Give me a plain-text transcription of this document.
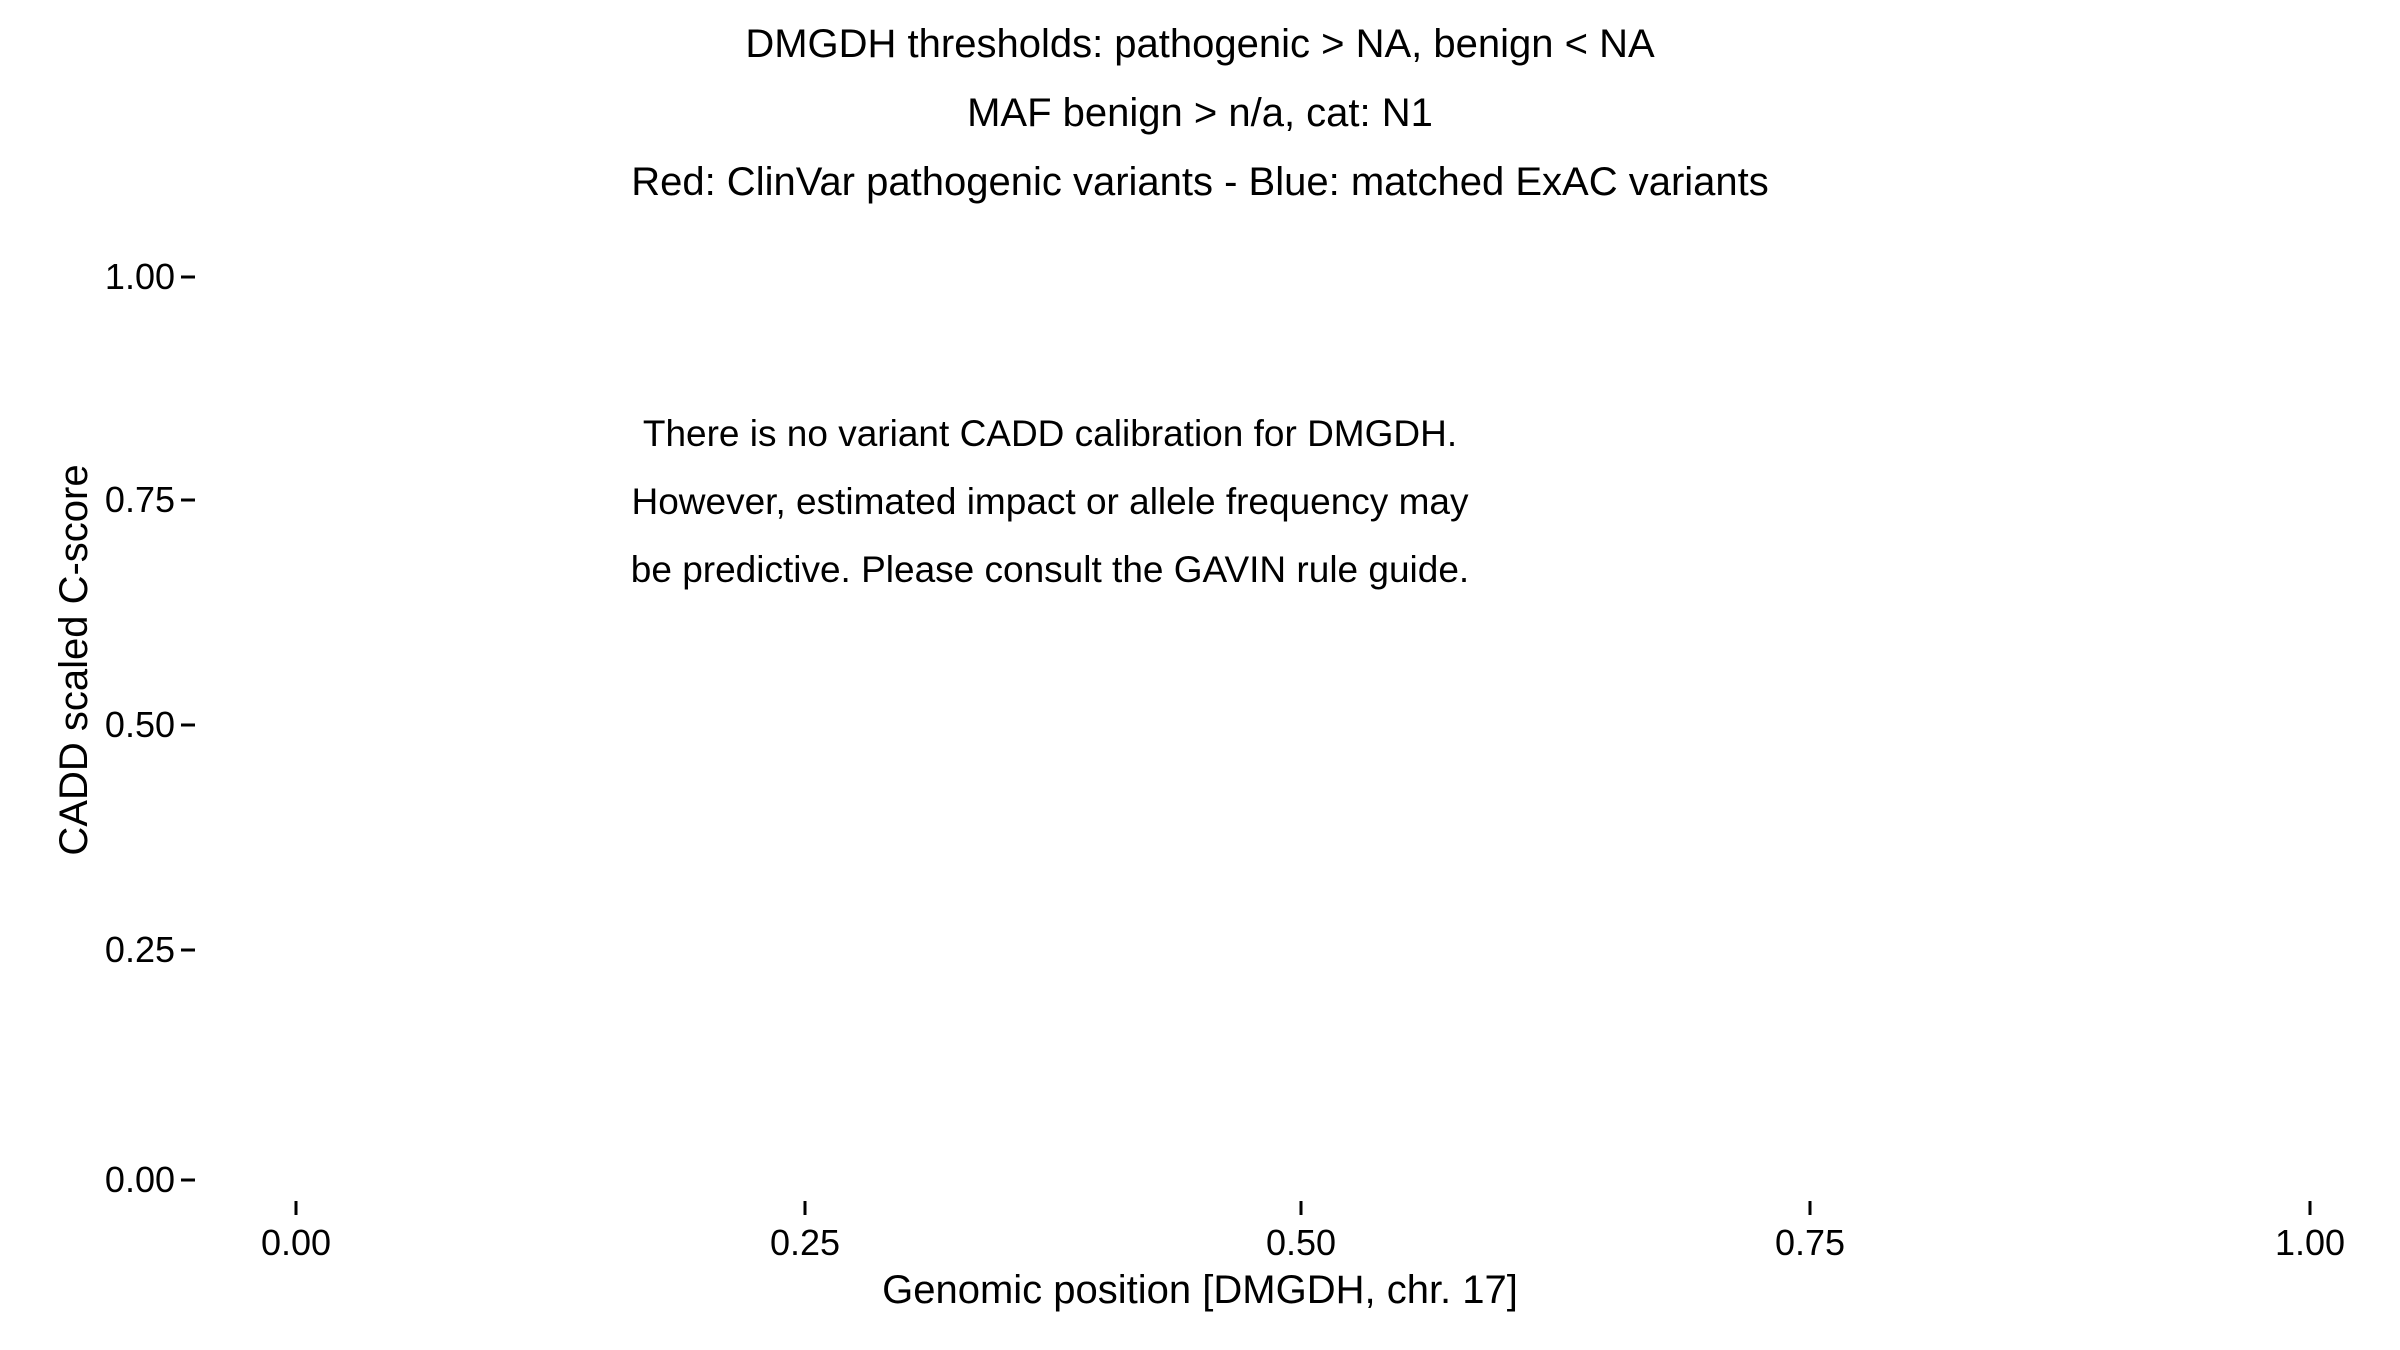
DMGDH thresholds: pathogenic > NA, benign < NA
MAF benign > n/a, cat: N1
Red: ClinVar pathogenic variants - Blue: matched ExAC variants
CADD scaled C-score
1.00
0.75
0.50
0.25
0.00
0.00	0.25	0.50	0.75	1.00
Genomic position [DMGDH, chr. 17]
There is no variant CADD calibration for DMGDH.
However, estimated impact or allele frequency may
be predictive. Please consult the GAVIN rule guide.
